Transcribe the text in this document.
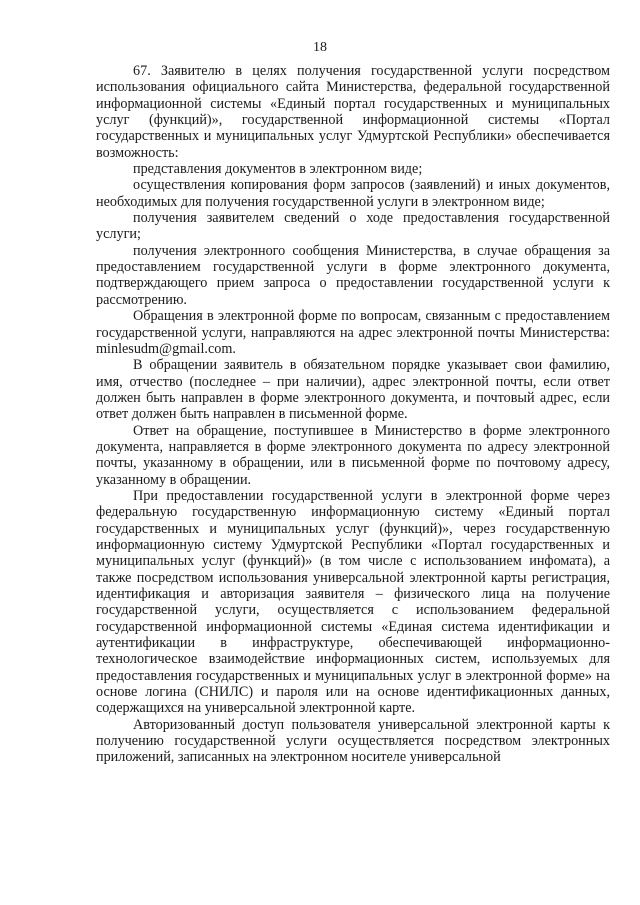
18

67. Заявителю в целях получения государственной услуги посредством использования официального сайта Министерства, федеральной государственной информационной системы «Единый портал государственных и муниципальных услуг (функций)», государственной информационной системы «Портал государственных и муниципальных услуг Удмуртской Республики» обеспечивается возможность:

представления документов в электронном виде;

осуществления копирования форм запросов (заявлений) и иных документов, необходимых для получения государственной услуги в электронном виде;

получения заявителем сведений о ходе предоставления государственной услуги;

получения электронного сообщения Министерства, в случае обращения за предоставлением государственной услуги в форме электронного документа, подтверждающего прием запроса о предоставлении государственной услуги к рассмотрению.

Обращения в электронной форме по вопросам, связанным с предоставлением государственной услуги, направляются на адрес электронной почты Министерства: minlesudm@gmail.com.

В обращении заявитель в обязательном порядке указывает свои фамилию, имя, отчество (последнее – при наличии), адрес электронной почты, если ответ должен быть направлен в форме электронного документа, и почтовый адрес, если ответ должен быть направлен в письменной форме.

Ответ на обращение, поступившее в Министерство в форме электронного документа, направляется в форме электронного документа по адресу электронной почты, указанному в обращении, или в письменной форме по почтовому адресу, указанному в обращении.

При предоставлении государственной услуги в электронной форме через федеральную государственную информационную систему «Единый портал государственных и муниципальных услуг (функций)», через государственную информационную систему Удмуртской Республики «Портал государственных и муниципальных услуг (функций)» (в том числе с использованием инфомата), а также посредством использования универсальной электронной карты регистрация, идентификация и авторизация заявителя – физического лица на получение государственной услуги, осуществляется с использованием федеральной государственной информационной системы «Единая система идентификации и аутентификации в инфраструктуре, обеспечивающей информационно-технологическое взаимодействие информационных систем, используемых для предоставления государственных и муниципальных услуг в электронной форме» на основе логина (СНИЛС) и пароля или на основе идентификационных данных, содержащихся на универсальной электронной карте.

Авторизованный доступ пользователя универсальной электронной карты к получению государственной услуги осуществляется посредством электронных приложений, записанных на электронном носителе универсальной
